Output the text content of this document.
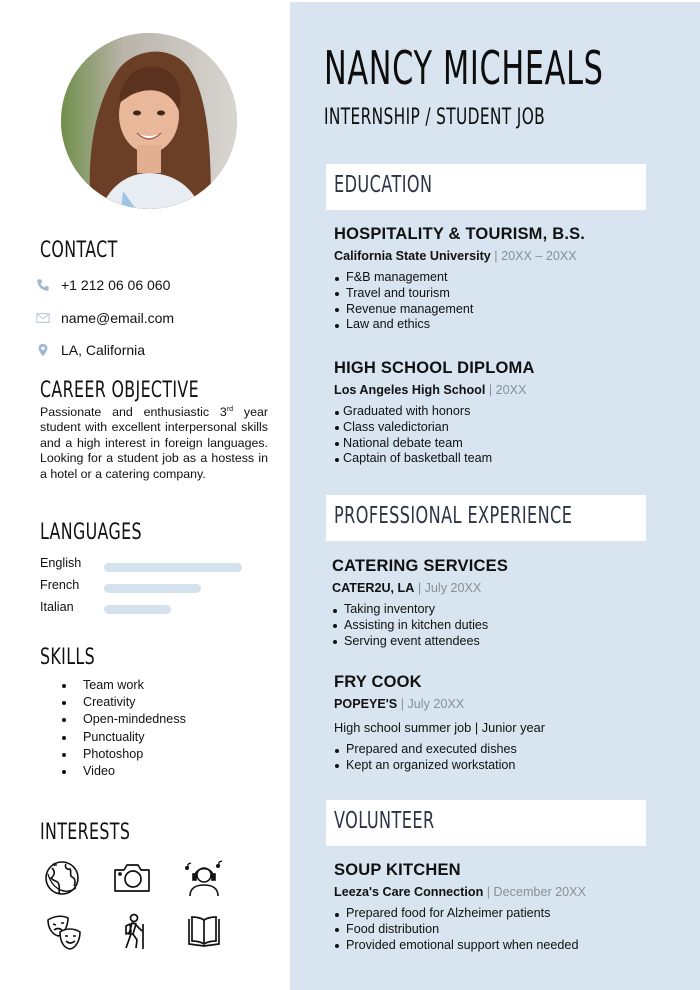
CONTACT
+1 212 06 06 060
name@email.com
LA, California
CAREER OBJECTIVE

Passionate and enthusiastic 3rd year student with excellent interpersonal skills and a high interest in foreign languages. Looking for a student job as a hostess in a hotel or a catering company.

LANGUAGES
English
French
Italian
SKILLS
Team work
Creativity
Open-mindedness
Punctuality
Photoshop
Video
INTERESTS
NANCY MICHEALS
INTERNSHIP / STUDENT JOB
EDUCATION
HOSPITALITY & TOURISM, B.S.
California State University | 20XX – 20XX
F&B management
Travel and tourism
Revenue management
Law and ethics
HIGH SCHOOL DIPLOMA
Los Angeles High School | 20XX
Graduated with honors
Class valedictorian
National debate team
Captain of basketball team
PROFESSIONAL EXPERIENCE
CATERING SERVICES
CATER2U, LA | July 20XX
Taking inventory
Assisting in kitchen duties
Serving event attendees
FRY COOK
POPEYE'S | July 20XX
High school summer job | Junior year
Prepared and executed dishes
Kept an organized workstation
VOLUNTEER
SOUP KITCHEN
Leeza's Care Connection | December 20XX
Prepared food for Alzheimer patients
Food distribution
Provided emotional support when needed
